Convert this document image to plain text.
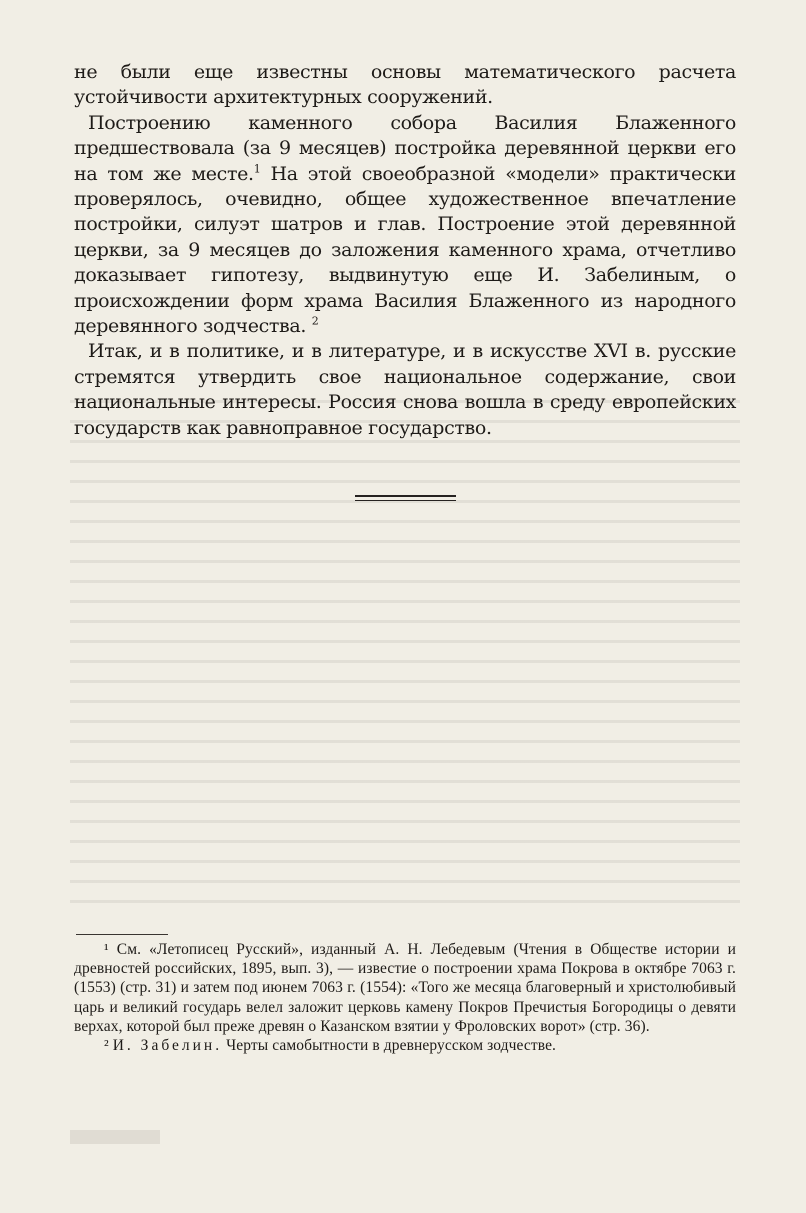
не были еще известны основы математического расчета устойчивости архитектурных сооружений.

Построению каменного собора Василия Блаженного предшествовала (за 9 месяцев) постройка деревянной церкви его на том же месте.$^1$ На этой своеобразной «модели» практически проверялось, очевидно, общее художественное впечатление постройки, силуэт шатров и глав. Построение этой деревянной церкви, за 9 месяцев до заложения каменного храма, отчетливо доказывает гипотезу, выдвинутую еще И. Забелиным, о происхождении форм храма Василия Блаженного из народного деревянного зодчества. $^2$

Итак, и в политике, и в литературе, и в искусстве XVI в. русские стремятся утвердить свое национальное содержание, свои национальные интересы. Россия снова вошла в среду европейских государств как равноправное государство.

¹ См. «Летописец Русский», изданный А. Н. Лебедевым (Чтения в Обществе истории и древностей российских, 1895, вып. 3), — известие о построении храма Покрова в октябре 7063 г. (1553) (стр. 31) и затем под июнем 7063 г. (1554): «Того же месяца благоверный и христолюбивый царь и великий государь велел заложит церковь камену Покров Пречистыя Богородицы о девяти верхах, которой был преже древян о Казанском взятии у Фроловских ворот» (стр. 36).

² И. Забелин. Черты самобытности в древнерусском зодчестве.
